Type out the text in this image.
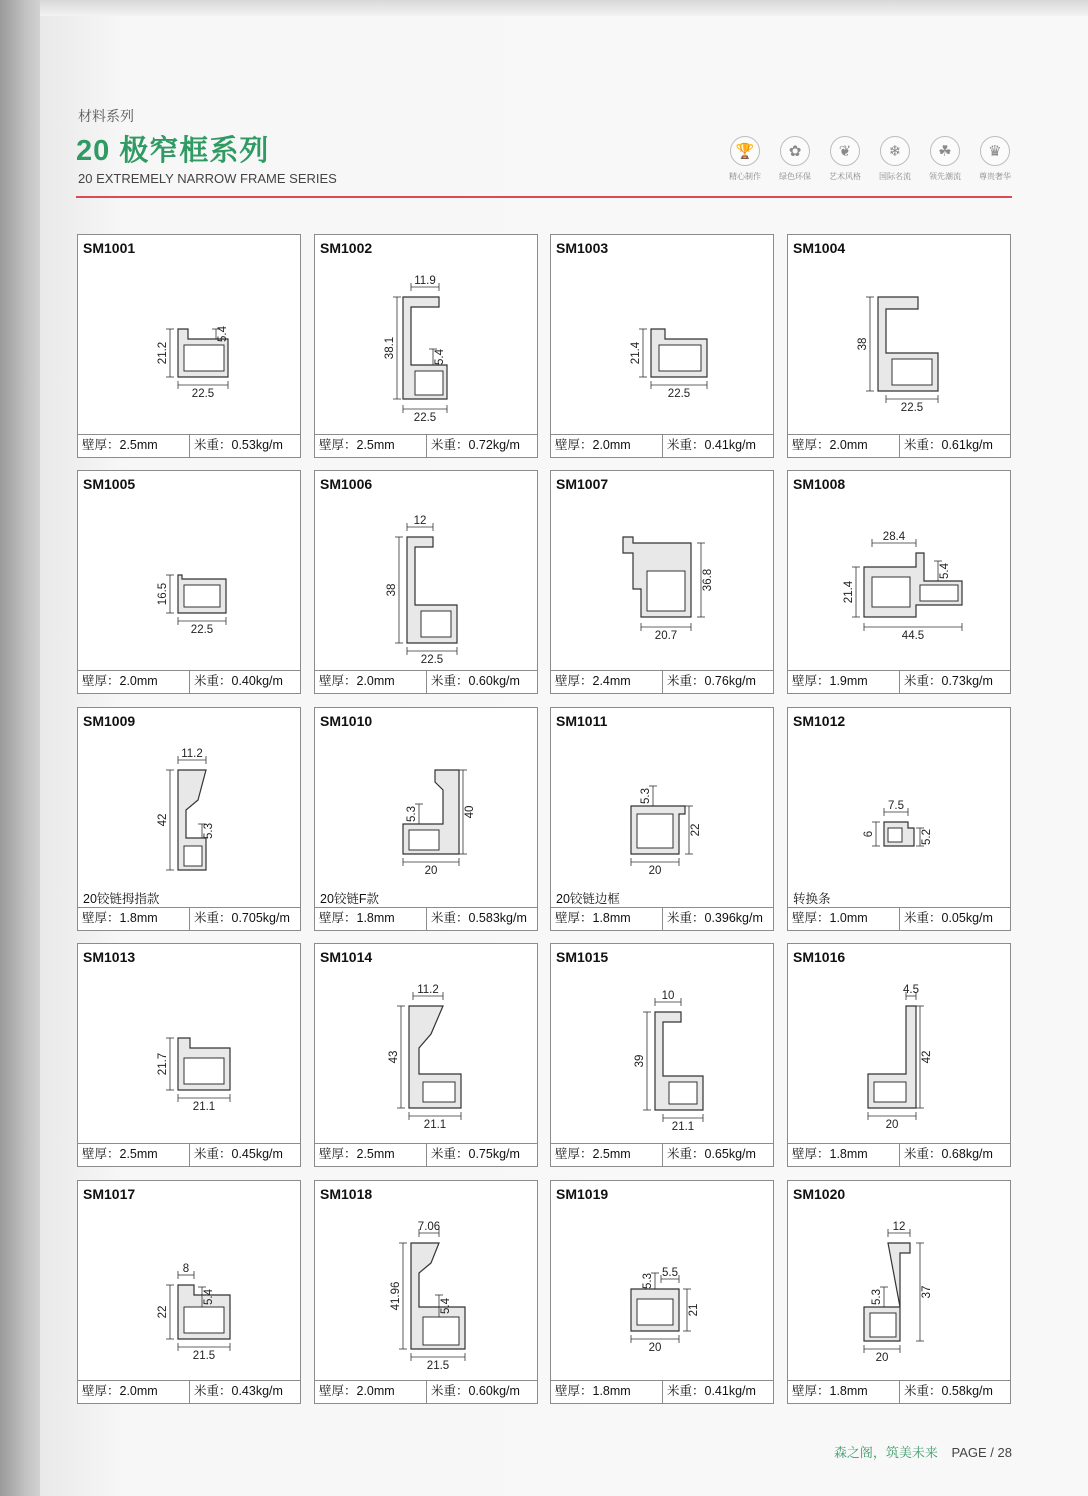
材料系列
20 极窄框系列
20 EXTREMELY NARROW FRAME SERIES
🏆
精心制作
✿
绿色环保
❦
艺术风格
❄
国际名流
☘
领先潮流
♛
尊贵奢华
SM1001
21.2
5.4
22.5
壁厚：2.5mm	米重：0.53kg/m
SM1002
11.9
38.1	5.4
22.5
壁厚：2.5mm	米重：0.72kg/m
SM1003
21.4
22.5
壁厚：2.0mm	米重：0.41kg/m
SM1004
38
22.5
壁厚：2.0mm	米重：0.61kg/m
SM1005
16.5
22.5
壁厚：2.0mm	米重：0.40kg/m
SM1006
12
38
22.5
壁厚：2.0mm	米重：0.60kg/m
SM1007
36.8
20.7
壁厚：2.4mm	米重：0.76kg/m
SM1008
28.4
21.4
5.4
44.5
壁厚：1.9mm	米重：0.73kg/m
SM1009
11.2
42
5.3
20铰链拇指款
壁厚：1.8mm	米重：0.705kg/m
SM1010
40
5.3
20
20铰链F款
壁厚：1.8mm	米重：0.583kg/m
SM1011
22
5.3
20
20铰链边框
壁厚：1.8mm	米重：0.396kg/m
SM1012
7.5
6	5.2
转换条
壁厚：1.0mm	米重：0.05kg/m
SM1013
21.7
21.1
壁厚：2.5mm	米重：0.45kg/m
SM1014
11.2
43
21.1
壁厚：2.5mm	米重：0.75kg/m
SM1015
10
39
21.1
壁厚：2.5mm	米重：0.65kg/m
SM1016
4.5
42
20
壁厚：1.8mm	米重：0.68kg/m
SM1017
8
22
5.4
21.5
壁厚：2.0mm	米重：0.43kg/m
SM1018
7.06
41.96	5.4
21.5
壁厚：2.0mm	米重：0.60kg/m
SM1019
5.5
5.3
21
20
壁厚：1.8mm	米重：0.41kg/m
SM1020
12
5.3	37
20
壁厚：1.8mm	米重：0.58kg/m
森之阁，筑美未来 PAGE / 28
